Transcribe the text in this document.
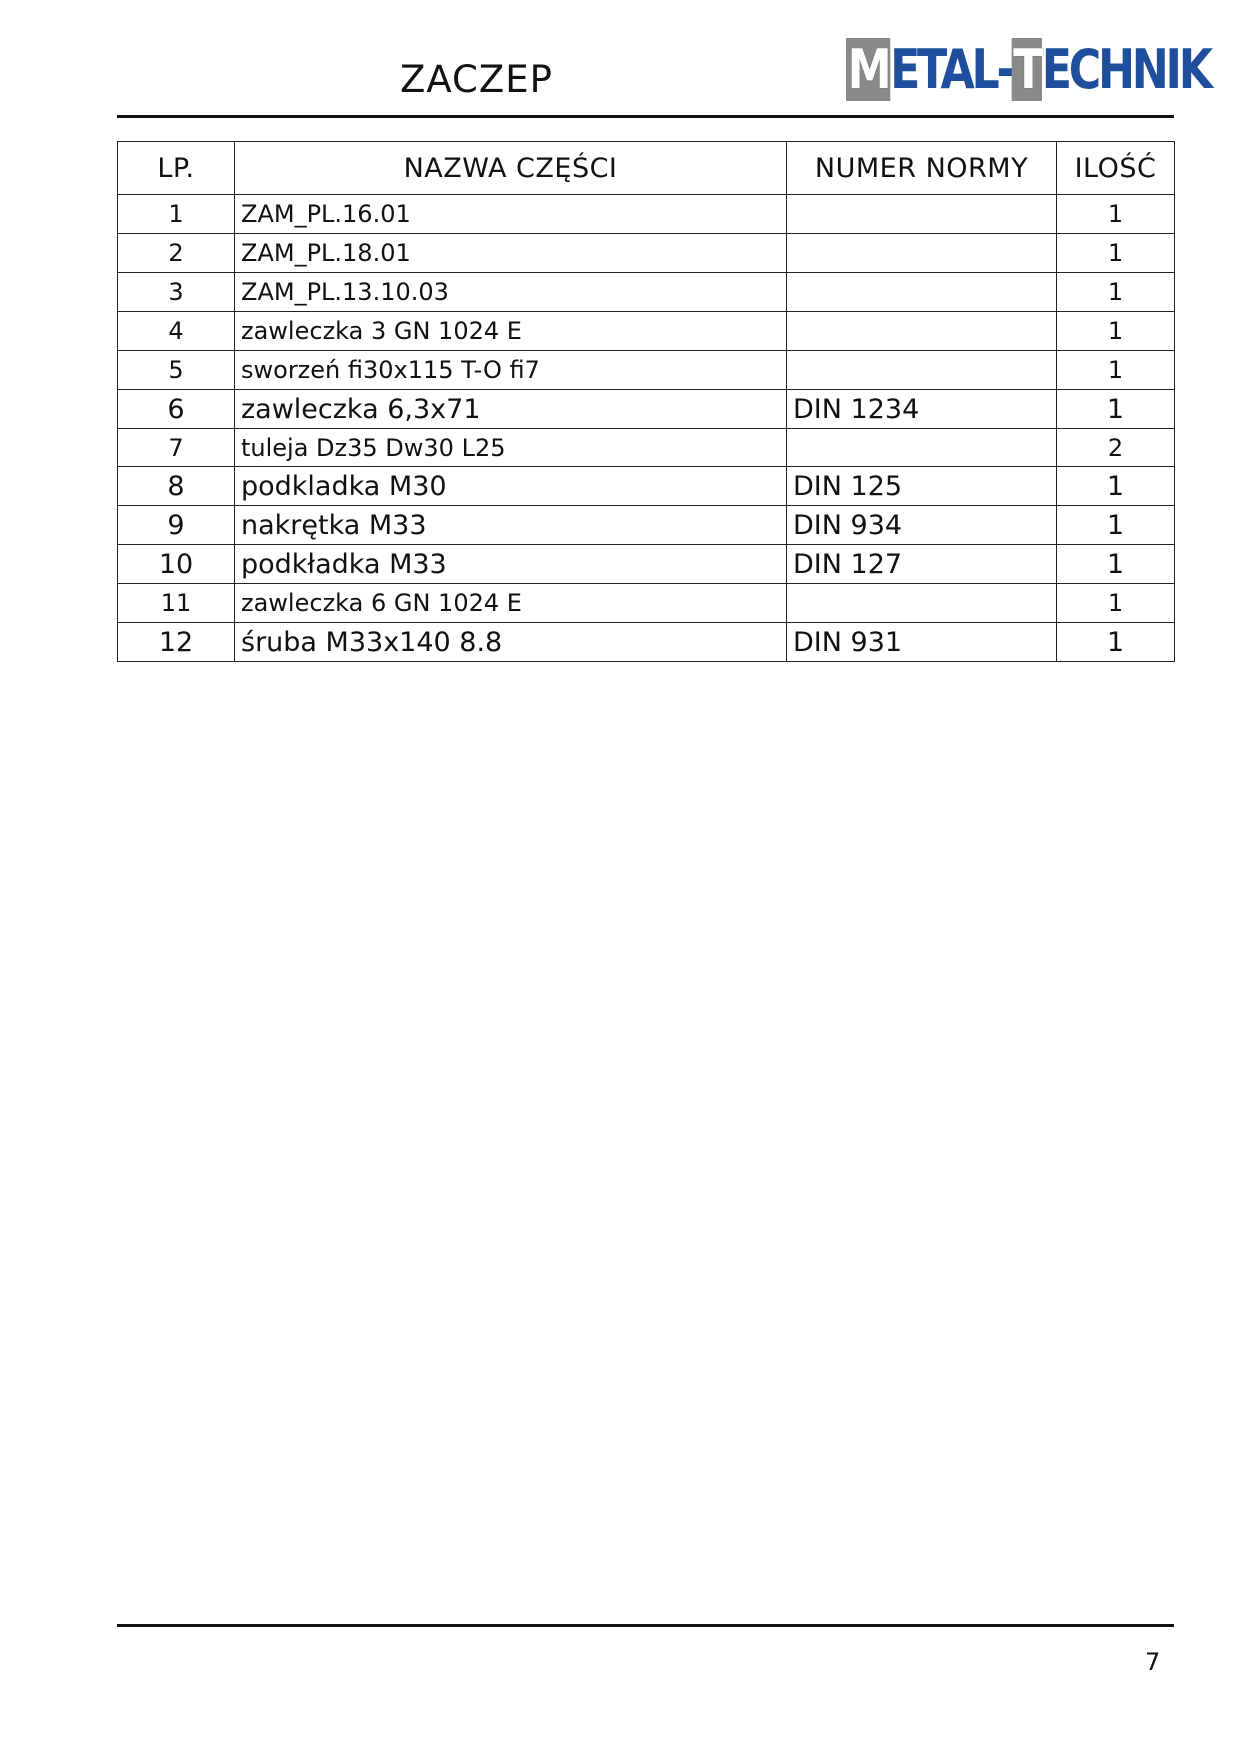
ZACZEP	M ETAL- T ECHNIK
LP.	NAZWA CZĘŚCI	NUMER NORMY	ILOŚĆ
1	ZAM_PL.16.01		1
2	ZAM_PL.18.01		1
3	ZAM_PL.13.10.03		1
4	zawleczka 3 GN 1024 E		1
5	sworzeń fi30x115 T-O fi7		1
6	zawleczka 6,3x71	DIN 1234	1
7	tuleja Dz35 Dw30 L25		2
8	podkladka M30	DIN 125	1
9	nakrętka M33	DIN 934	1
10	podkładka M33	DIN 127	1
11	zawleczka 6 GN 1024 E		1
12	śruba M33x140 8.8	DIN 931	1
7
